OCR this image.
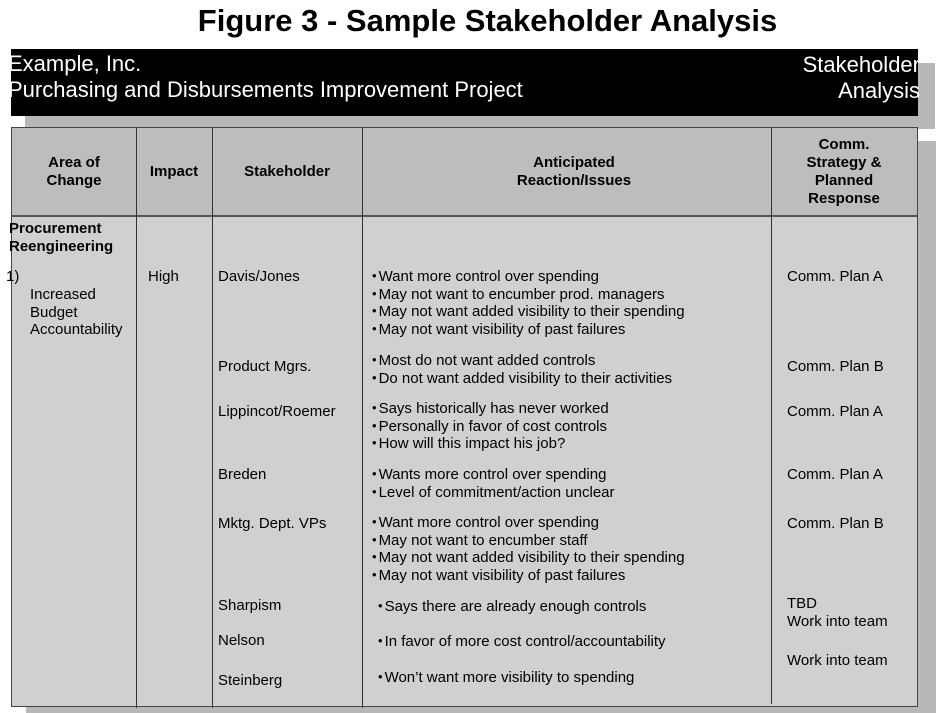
Figure 3 - Sample Stakeholder Analysis
Example, Inc.
Purchasing and Disbursements Improvement Project
Stakeholder
Analysis
Area of
Change
Impact	Stakeholder
Anticipated
Reaction/Issues
Comm.
Strategy &
Planned
Response
Procurement
Reengineering
1)
Increased
Budget
Accountability
High	Davis/Jones
Product Mgrs.
Lippincot/Roemer
Breden
Mktg. Dept. VPs
Sharpism
Nelson
Steinberg
• Want more control over spending
• May not want to encumber prod. managers
• May not want added visibility to their spending
• May not want visibility of past failures
• Most do not want added controls
• Do not want added visibility to their activities
• Says historically has never worked
• Personally in favor of cost controls
• How will this impact his job?
• Wants more control over spending
• Level of commitment/action unclear
• Want more control over spending
• May not want to encumber staff
• May not want added visibility to their spending
• May not want visibility of past failures
• Says there are already enough controls
• In favor of more cost control/accountability
• Won’t want more visibility to spending
Comm. Plan A
Comm. Plan B
Comm. Plan A
Comm. Plan A
Comm. Plan B
TBD
Work into team
Work into team
